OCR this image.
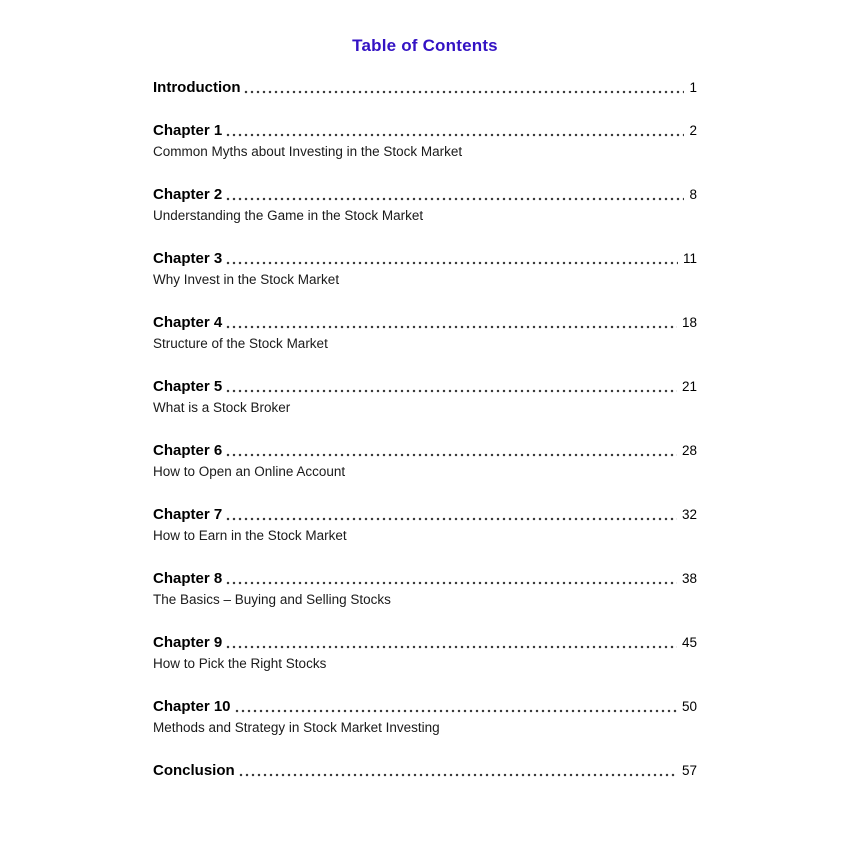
Table of Contents
Introduction	1
Chapter 1	2
Common Myths about Investing in the Stock Market
Chapter 2	8
Understanding the Game in the Stock Market
Chapter 3	11
Why Invest in the Stock Market
Chapter 4	18
Structure of the Stock Market
Chapter 5	21
What is a Stock Broker
Chapter 6	28
How to Open an Online Account
Chapter 7	32
How to Earn in the Stock Market
Chapter 8	38
The Basics – Buying and Selling Stocks
Chapter 9	45
How to Pick the Right Stocks
Chapter 10	50
Methods and Strategy in Stock Market Investing
Conclusion	57
